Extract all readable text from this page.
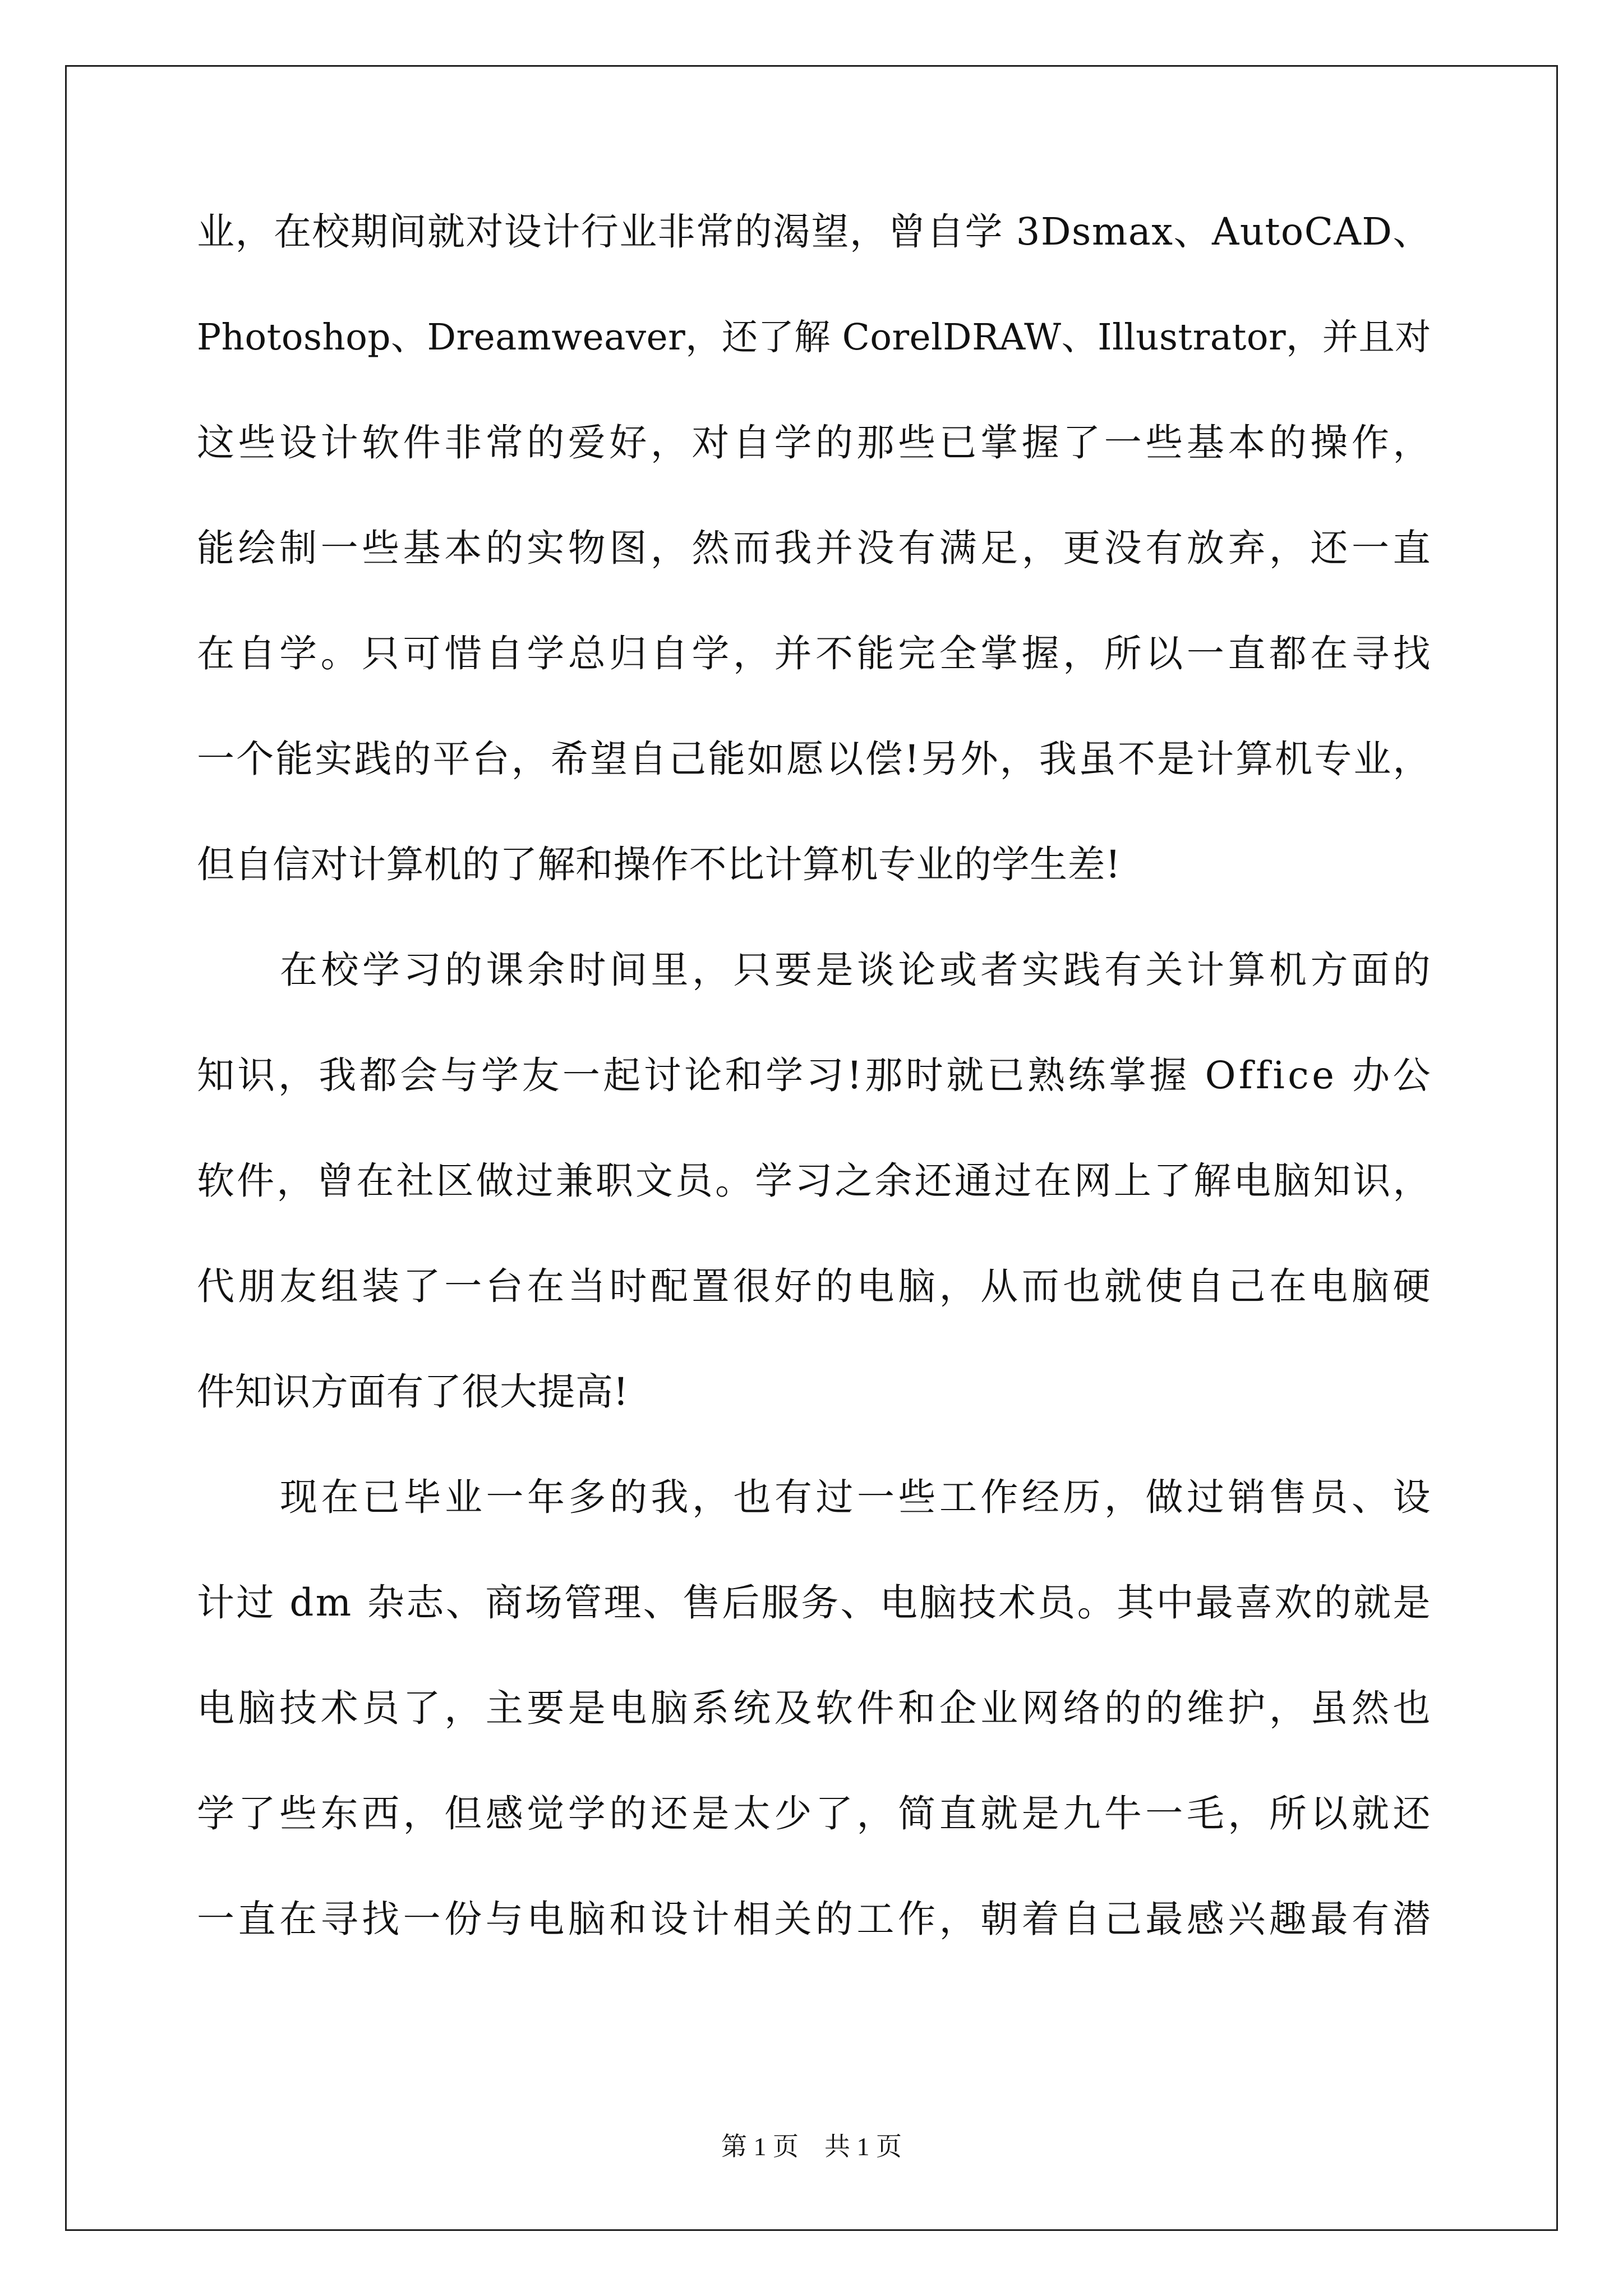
业，在校期间就对设计行业非常的渴望，曾自学 3Dsmax、AutoCAD、
Photoshop、Dreamweaver，还了解 CorelDRAW、Illustrator，并且对
这些设计软件非常的爱好，对自学的那些已掌握了一些基本的操作，
能绘制一些基本的实物图，然而我并没有满足，更没有放弃，还一直
在自学。只可惜自学总归自学，并不能完全掌握，所以一直都在寻找
一个能实践的平台，希望自己能如愿以偿!另外，我虽不是计算机专业，
但自信对计算机的了解和操作不比计算机专业的学生差!
在校学习的课余时间里，只要是谈论或者实践有关计算机方面的
知识，我都会与学友一起讨论和学习!那时就已熟练掌握 Office 办公
软件，曾在社区做过兼职文员。学习之余还通过在网上了解电脑知识，
代朋友组装了一台在当时配置很好的电脑，从而也就使自己在电脑硬
件知识方面有了很大提高!
现在已毕业一年多的我，也有过一些工作经历，做过销售员、设
计过 dm 杂志、商场管理、售后服务、电脑技术员。其中最喜欢的就是
电脑技术员了，主要是电脑系统及软件和企业网络的的维护，虽然也
学了些东西，但感觉学的还是太少了，简直就是九牛一毛，所以就还
一直在寻找一份与电脑和设计相关的工作，朝着自己最感兴趣最有潜
第 1 页　共 1 页
